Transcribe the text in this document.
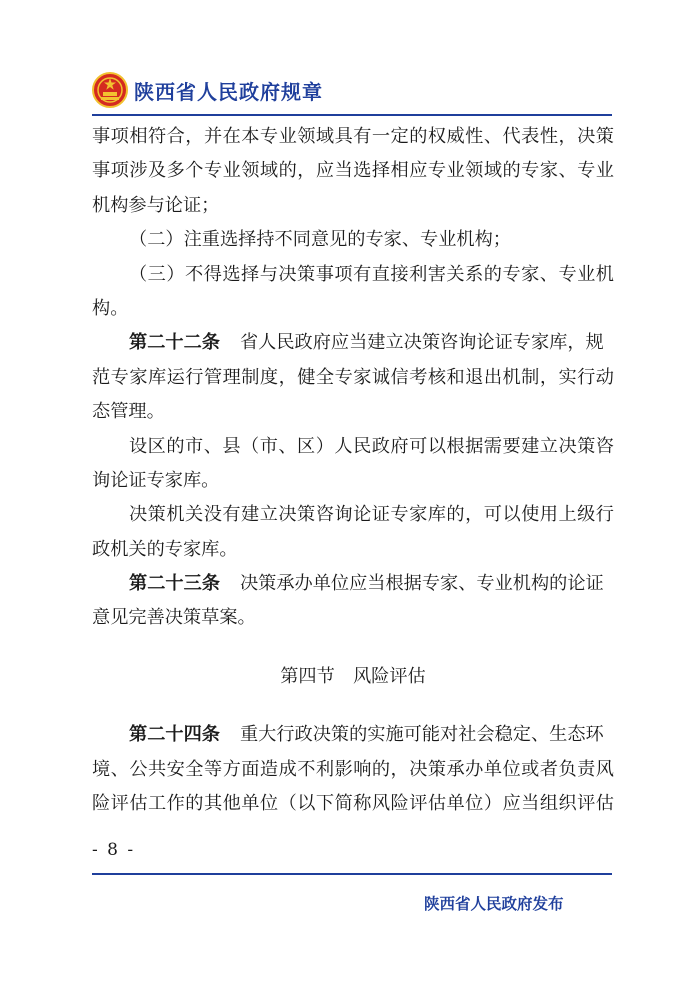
陕西省人民政府规章
事项相符合，并在本专业领域具有一定的权威性、代表性，决策
事项涉及多个专业领域的，应当选择相应专业领域的专家、专业
机构参与论证；
（二）注重选择持不同意见的专家、专业机构；
（三）不得选择与决策事项有直接利害关系的专家、专业机
构。
第二十二条 省人民政府应当建立决策咨询论证专家库，规
范专家库运行管理制度，健全专家诚信考核和退出机制，实行动
态管理。
设区的市、县（市、区）人民政府可以根据需要建立决策咨
询论证专家库。
决策机关没有建立决策咨询论证专家库的，可以使用上级行
政机关的专家库。
第二十三条 决策承办单位应当根据专家、专业机构的论证
意见完善决策草案。
第四节　风险评估
第二十四条 重大行政决策的实施可能对社会稳定、生态环
境、公共安全等方面造成不利影响的，决策承办单位或者负责风
险评估工作的其他单位（以下简称风险评估单位）应当组织评估
- 8 -
陕西省人民政府发布
